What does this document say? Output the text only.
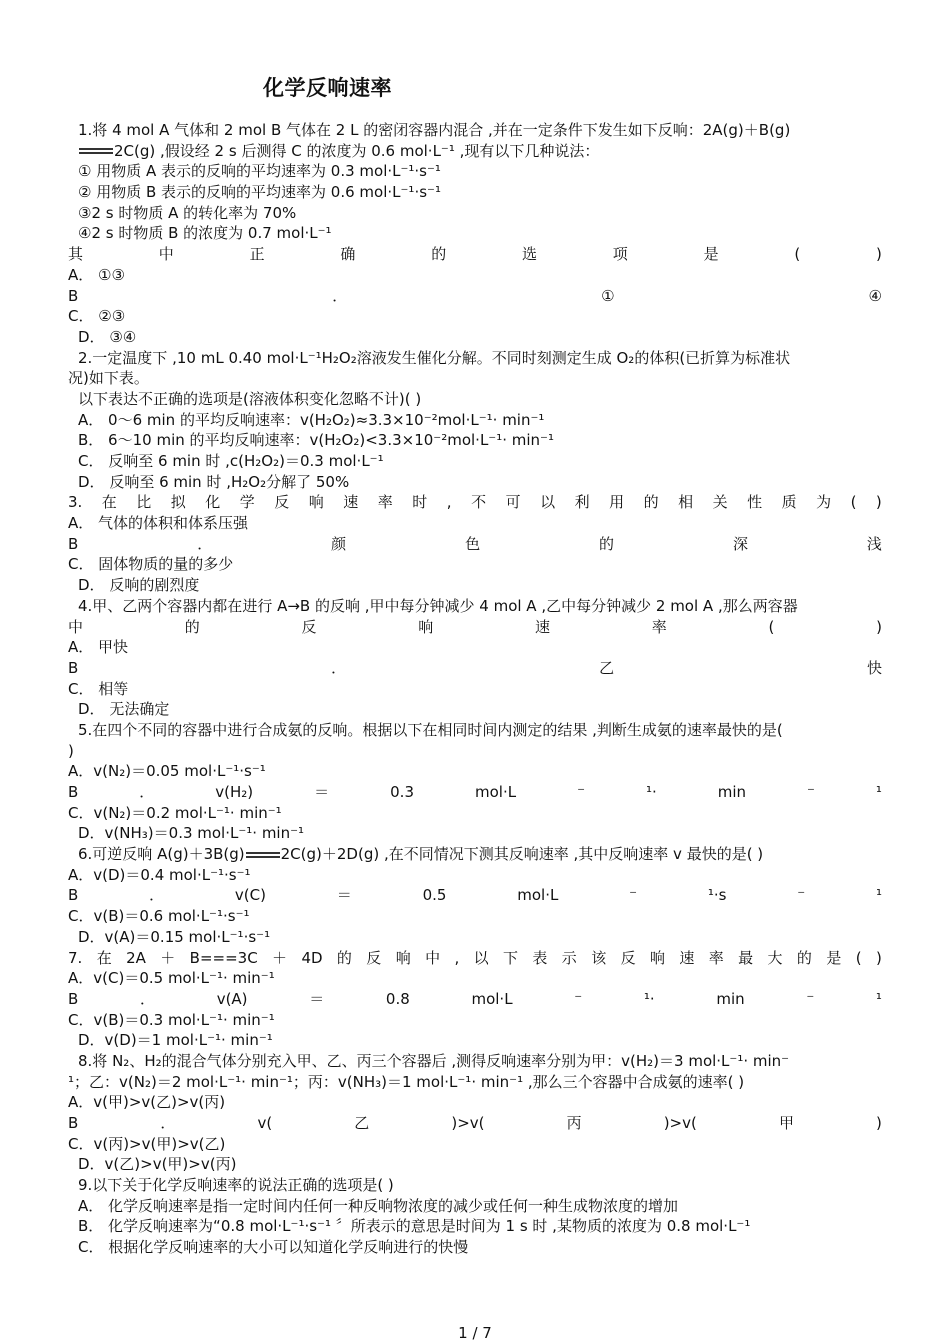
化学反响速率
1.将 4 mol A 气体和 2 mol B 气体在 2 L 的密闭容器内混合 ,并在一定条件下发生如下反响：2A(g)＋B(g)
2C(g) ,假设经 2 s 后测得 C 的浓度为 0.6 mol·L⁻¹ ,现有以下几种说法：
① 用物质 A 表示的反响的平均速率为 0.3 mol·L⁻¹·s⁻¹
② 用物质 B 表示的反响的平均速率为 0.6 mol·L⁻¹·s⁻¹
③2 s 时物质 A 的转化率为 70%
④2 s 时物质 B 的浓度为 0.7 mol·L⁻¹
其	中	正	确	的	选	项	是	(	)
A． ①③
B	．	①	④
C． ②③
D． ③④
2.一定温度下 ,10 mL 0.40 mol·L⁻¹H₂O₂溶液发生催化分解。不同时刻测定生成 O₂的体积(已折算为标准状
况)如下表。
以下表达不正确的选项是(溶液体积变化忽略不计)( )
A． 0～6 min 的平均反响速率：v(H₂O₂)≈3.3×10⁻²mol·L⁻¹· min⁻¹
B． 6～10 min 的平均反响速率：v(H₂O₂)<3.3×10⁻²mol·L⁻¹· min⁻¹
C． 反响至 6 min 时 ,c(H₂O₂)＝0.3 mol·L⁻¹
D． 反响至 6 min 时 ,H₂O₂分解了 50%
3. 在 比 拟 化 学 反 响 速 率 时 , 不 可 以 利 用 的 相 关 性 质 为 ( )
A． 气体的体积和体系压强
B	．	颜	色	的	深	浅
C． 固体物质的量的多少
D． 反响的剧烈度
4.甲、乙两个容器内都在进行 A→B 的反响 ,甲中每分钟减少 4 mol A ,乙中每分钟减少 2 mol A ,那么两容器
中	的	反	响	速	率	(	)
A． 甲快
B	．	乙	快
C． 相等
D． 无法确定
5.在四个不同的容器中进行合成氨的反响。根据以下在相同时间内测定的结果 ,判断生成氨的速率最快的是(
)
A．v(N₂)＝0.05 mol·L⁻¹·s⁻¹
B	．	v(H₂)	＝	0.3	mol·L	⁻	¹·	min	⁻	¹
C．v(N₂)＝0.2 mol·L⁻¹· min⁻¹
D．v(NH₃)＝0.3 mol·L⁻¹· min⁻¹
6.可逆反响 A(g)＋3B(g) 2C(g)＋2D(g) ,在不同情况下测其反响速率 ,其中反响速率 v 最快的是( )
A．v(D)＝0.4 mol·L⁻¹·s⁻¹
B	．	v(C)	＝	0.5	mol·L	⁻	¹·s	⁻	¹
C．v(B)＝0.6 mol·L⁻¹·s⁻¹
D．v(A)＝0.15 mol·L⁻¹·s⁻¹
7. 在 2A ＋ B===3C ＋ 4D 的 反 响 中 , 以 下 表 示 该 反 响 速 率 最 大 的 是 ( )
A．v(C)＝0.5 mol·L⁻¹· min⁻¹
B	．	v(A)	＝	0.8	mol·L	⁻	¹·	min	⁻	¹
C．v(B)＝0.3 mol·L⁻¹· min⁻¹
D．v(D)＝1 mol·L⁻¹· min⁻¹
8.将 N₂、H₂的混合气体分别充入甲、乙、丙三个容器后 ,测得反响速率分别为甲：v(H₂)＝3 mol·L⁻¹· min⁻
¹；乙：v(N₂)＝2 mol·L⁻¹· min⁻¹；丙：v(NH₃)＝1 mol·L⁻¹· min⁻¹ ,那么三个容器中合成氨的速率( )
A．v(甲)>v(乙)>v(丙)
B	．	v(	乙	)>v(	丙	)>v(	甲	)
C．v(丙)>v(甲)>v(乙)
D．v(乙)>v(甲)>v(丙)
9.以下关于化学反响速率的说法正确的选项是( )
A． 化学反响速率是指一定时间内任何一种反响物浓度的减少或任何一种生成物浓度的增加
B． 化学反响速率为“0.8 mol·L⁻¹·s⁻¹ 〞所表示的意思是时间为 1 s 时 ,某物质的浓度为 0.8 mol·L⁻¹
C． 根据化学反响速率的大小可以知道化学反响进行的快慢
1 / 7
